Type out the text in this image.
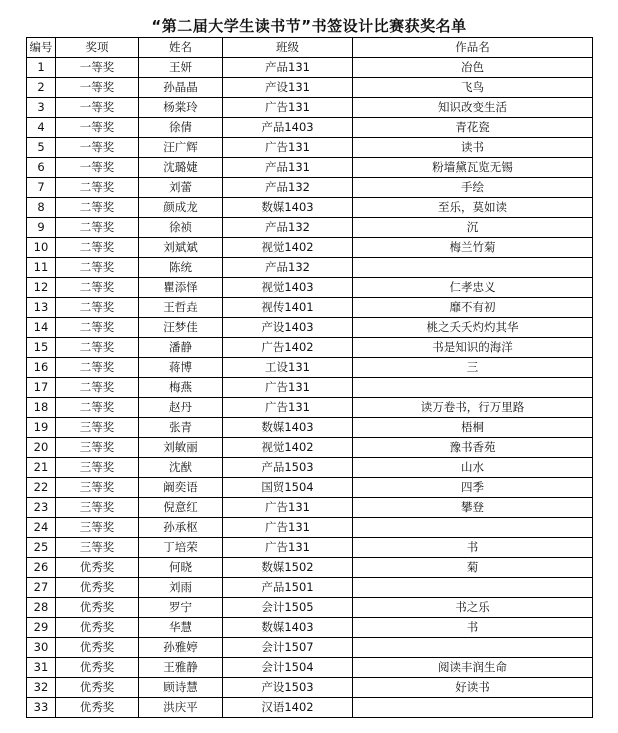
“第二届大学生读书节”书签设计比赛获奖名单
编号	奖项	姓名	班级	作品名
1	一等奖	王妍	产品131	冶色
2	一等奖	孙晶晶	产设131	飞鸟
3	一等奖	杨棠玲	广告131	知识改变生活
4	一等奖	徐倩	产品1403	青花瓷
5	一等奖	汪广辉	广告131	读书
6	一等奖	沈璐婕	产品131	粉墙黛瓦览无锡
7	二等奖	刘蕾	产品132	手绘
8	二等奖	颜成龙	数媒1403	至乐，莫如读
9	二等奖	徐祯	产品132	沉
10	二等奖	刘斌斌	视觉1402	梅兰竹菊
11	二等奖	陈统	产品132	
12	二等奖	瞿添怿	视觉1403	仁孝忠义
13	二等奖	王哲垚	视传1401	靡不有初
14	二等奖	汪梦佳	产设1403	桃之夭夭灼灼其华
15	二等奖	潘静	广告1402	书是知识的海洋
16	二等奖	蒋博	工设131	三
17	二等奖	梅燕	广告131	
18	二等奖	赵丹	广告131	读万卷书，行万里路
19	三等奖	张青	数媒1403	梧桐
20	三等奖	刘敏丽	视觉1402	豫书香苑
21	三等奖	沈猷	产品1503	山水
22	三等奖	阚奕语	国贸1504	四季
23	三等奖	倪意红	广告131	攀登
24	三等奖	孙承枢	广告131	
25	三等奖	丁培荣	广告131	书
26	优秀奖	何晓	数媒1502	菊
27	优秀奖	刘雨	产品1501	
28	优秀奖	罗宁	会计1505	书之乐
29	优秀奖	华慧	数媒1403	书
30	优秀奖	孙雅婷	会计1507	
31	优秀奖	王雅静	会计1504	阅读丰润生命
32	优秀奖	顾诗慧	产设1503	好读书
33	优秀奖	洪庆平	汉语1402	
